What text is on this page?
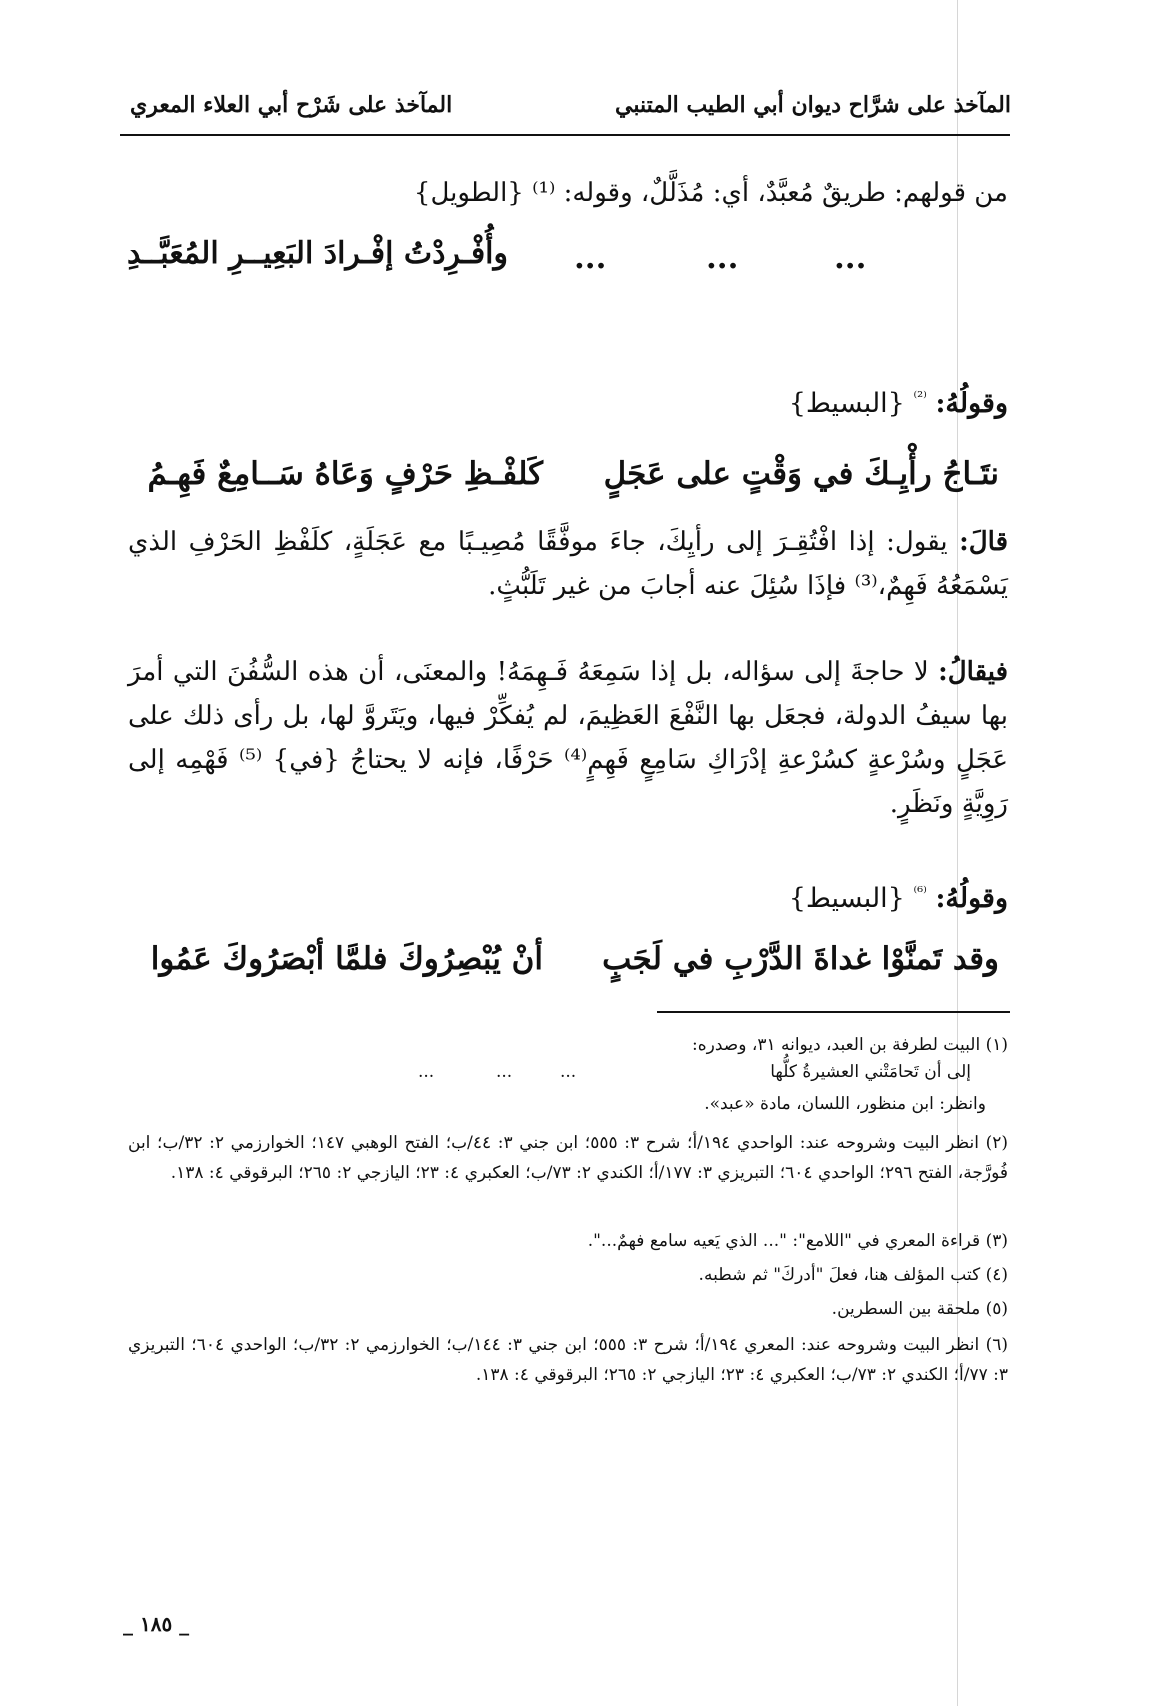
المآخذ على شَرْح أبي العلاء المعري	المآخذ على شرَّاح ديوان أبي الطيب المتنبي
من قولهم: طريقٌ مُعبَّدٌ، أي: مُذَلَّلٌ، وقوله: ⁽¹⁾ {الطويل}
...
...
...
وأُفْـرِدْتُ إفْـرادَ البَعِيــرِ المُعَبَّــدِ
وقولُهُ: $^{^{(2)}}$ {البسيط}
نتَـاجُ رأْيِـكَ في وَقْتٍ على عَجَلٍ
كَلفْـظِ حَرْفٍ وَعَاهُ سَــامِعٌ فَهِـمُ
قالَ: يقول: إذا افْتُقِـرَ إلى رأيِكَ، جاءَ موفَّقًا مُصِيـبًا مع عَجَلَةٍ، كلَفْظِ الحَرْفِ الذي يَسْمَعُهُ فَهِمٌ،⁽³⁾ فإذَا سُئِلَ عنه أجابَ من غير تَلَبُّثٍ.
فيقالُ: لا حاجةَ إلى سؤاله، بل إذا سَمِعَهُ فَـهِمَهُ! والمعنَى، أن هذه السُّفُنَ التي أمرَ بها سيفُ الدولة، فجعَل بها النَّفْعَ العَظِيمَ، لم يُفكِّرْ فيها، ويَتَروَّ لها، بل رأى ذلك على عَجَلٍ وسُرْعةٍ كسُرْعةِ إدْرَاكِ سَامِعٍ فَهِمٍ⁽⁴⁾ حَرْفًا، فإنه لا يحتاجُ {في} ⁽⁵⁾ فَهْمِه إلى رَوِيَّةٍ ونَظَرٍ.
وقولُهُ: $^{^{(6)}}$ {البسيط}
وقد تَمنَّوْا غداةَ الدَّرْبِ في لَجَبٍ
أنْ يُبْصِرُوكَ فلمَّا أبْصَرُوكَ عَمُوا
(١) البيت لطرفة بن العبد، ديوانه ٣١، وصدره:
إلى أن تَحامَتْني العشيرةُ كلُّها
...
...
...
وانظر: ابن منظور، اللسان، مادة «عبد».
(٢) انظر البيت وشروحه عند: الواحدي ١٩٤/أ؛ شرح ٣: ٥٥٥؛ ابن جني ٣: ٤٤/ب؛ الفتح الوهبي ١٤٧؛ الخوارزمي ٢: ٣٢/ب؛ ابن فُورَّجة، الفتح ٢٩٦؛ الواحدي ٦٠٤؛ التبريزي ٣: ١٧٧/أ؛ الكندي ٢: ٧٣/ب؛ العكبري ٤: ٢٣؛ اليازجي ٢: ٢٦٥؛ البرقوقي ٤: ١٣٨.
(٣) قراءة المعري في "اللامع": "... الذي يَعيه سامع فهمٌ...".
(٤) كتب المؤلف هنا، فعلَ "أدركَ" ثم شطبه.
(٥) ملحقة بين السطرين.
(٦) انظر البيت وشروحه عند: المعري ١٩٤/أ؛ شرح ٣: ٥٥٥؛ ابن جني ٣: ١٤٤/ب؛ الخوارزمي ٢: ٣٢/ب؛ الواحدي ٦٠٤؛ التبريزي ٣: ٧٧/أ؛ الكندي ٢: ٧٣/ب؛ العكبري ٤: ٢٣؛ اليازجي ٢: ٢٦٥؛ البرقوقي ٤: ١٣٨.
_ ١٨٥ _
